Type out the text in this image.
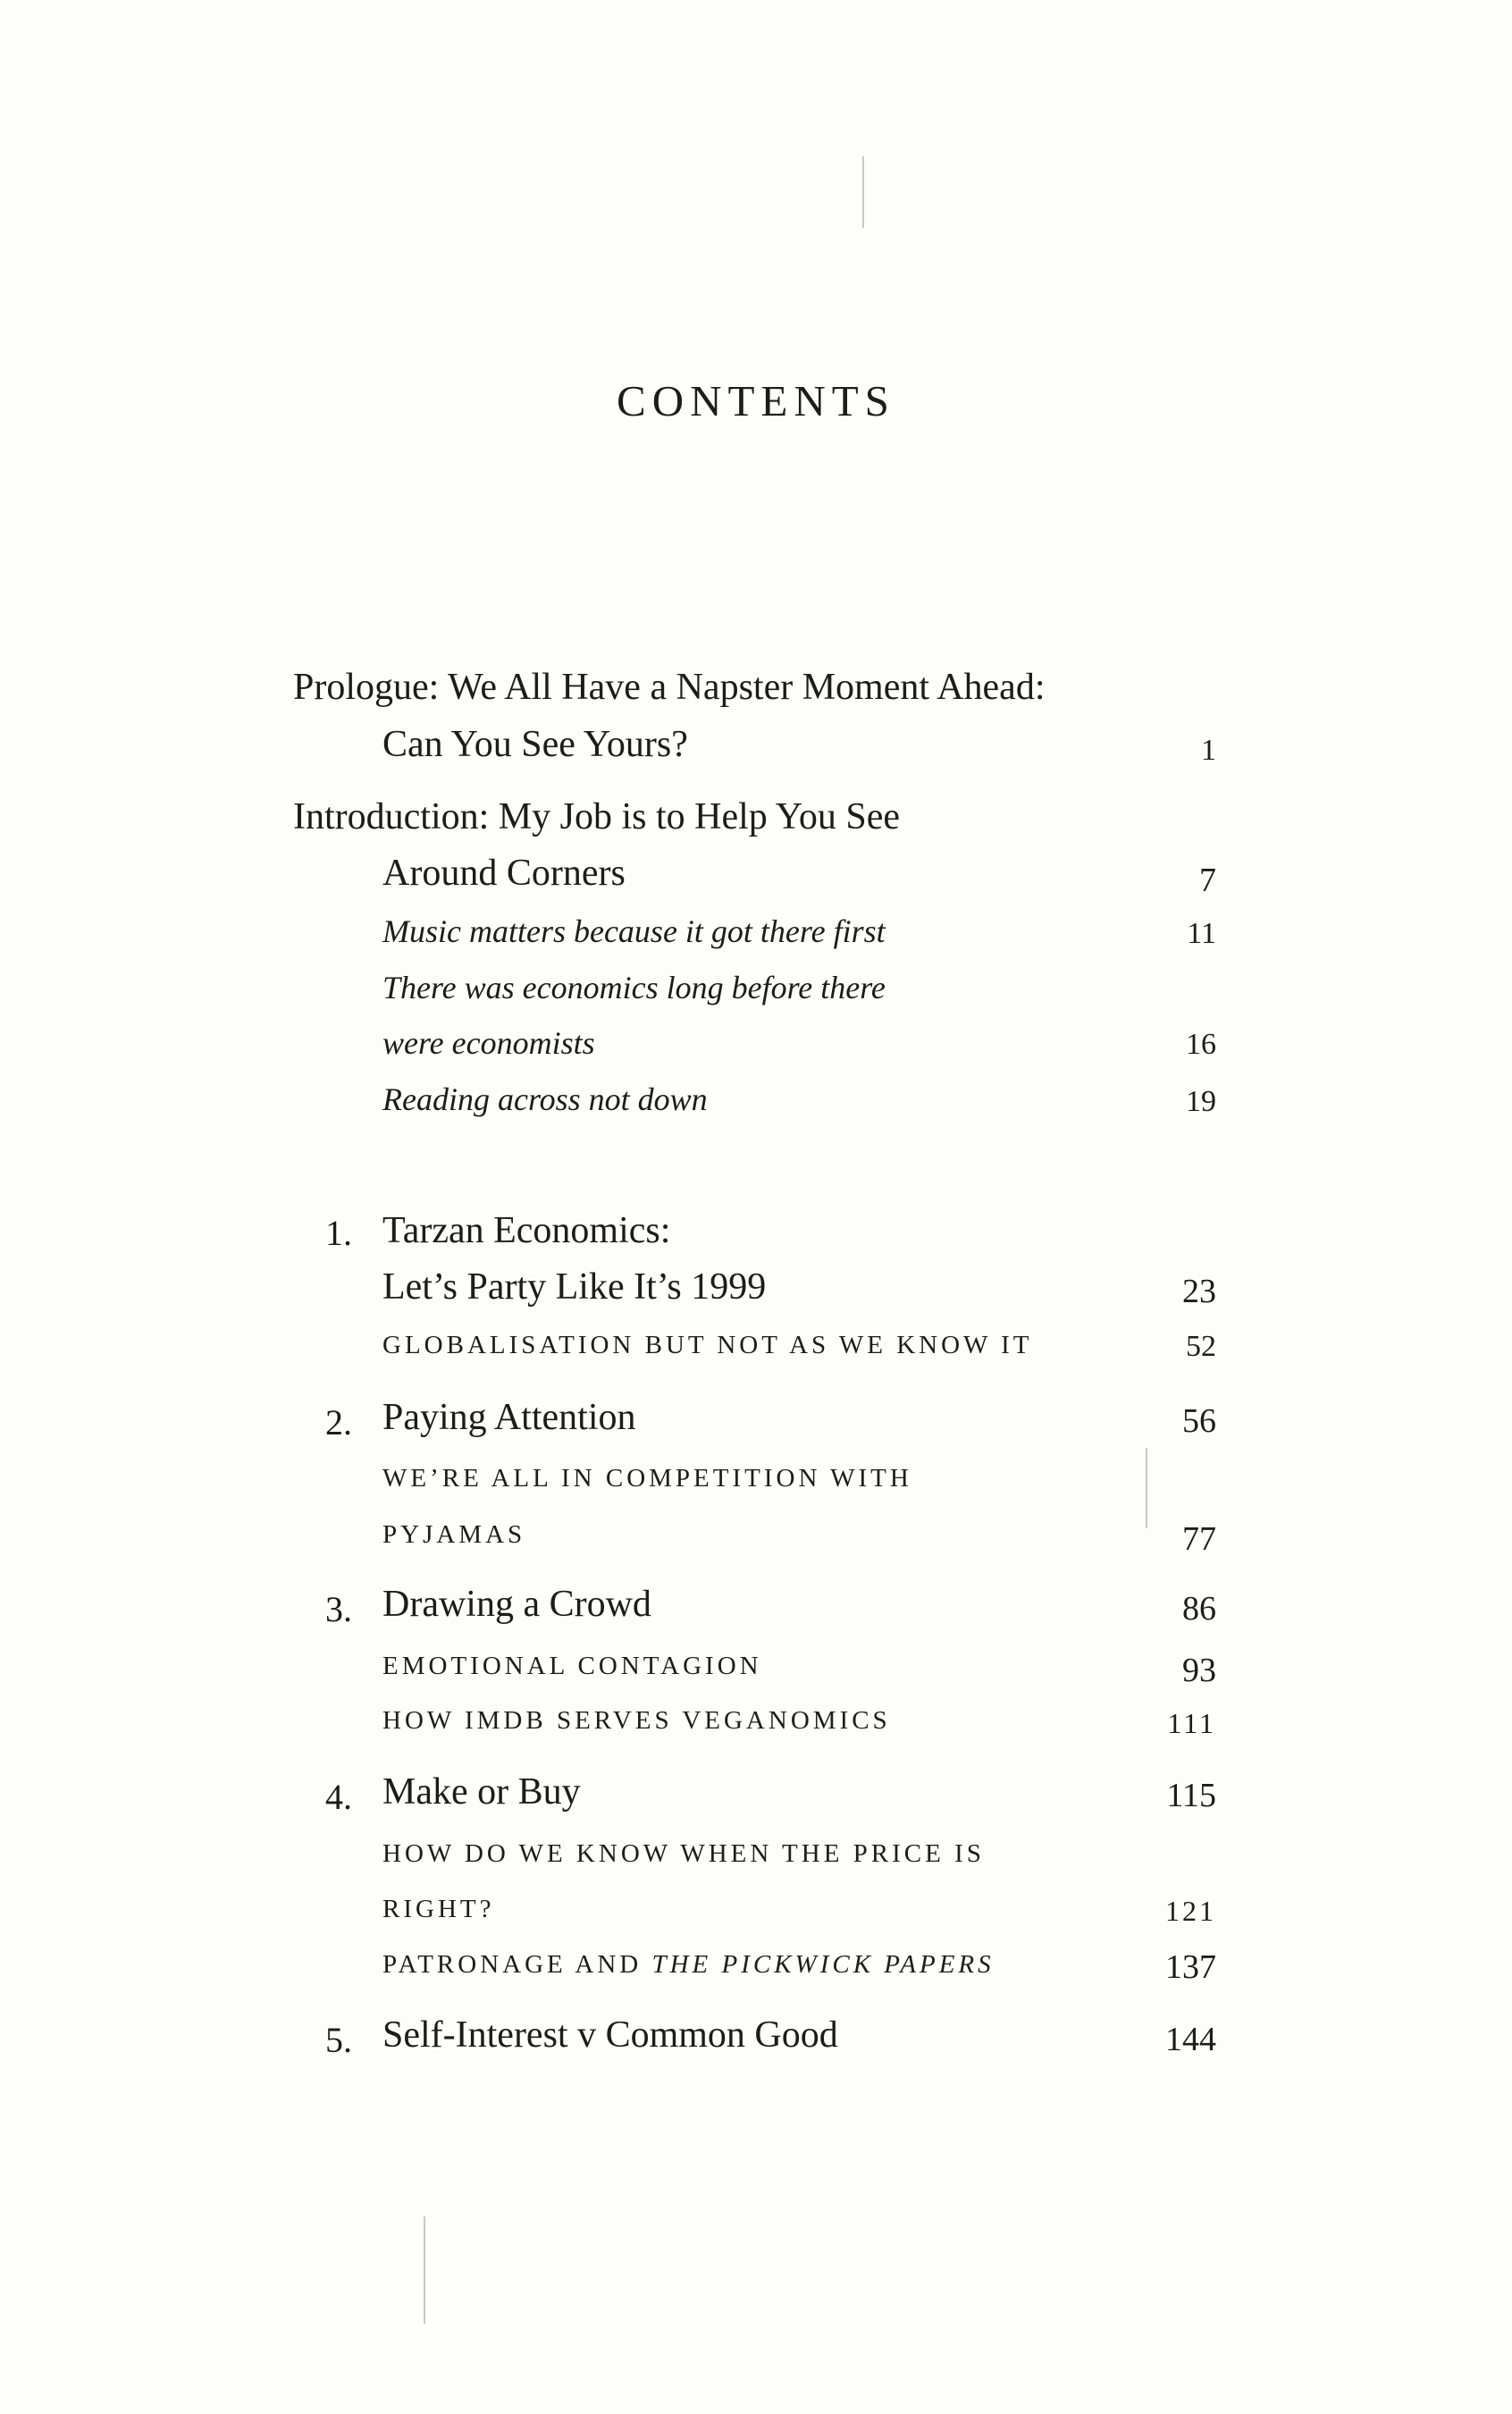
CONTENTS
Prologue: We All Have a Napster Moment Ahead:
Can You See Yours?	1
Introduction: My Job is to Help You See
Around Corners	7
Music matters because it got there first	11
There was economics long before there
were economists	16
Reading across not down	19
1. Tarzan Economics:
Let’s Party Like It’s 1999	23
GLOBALISATION BUT NOT AS WE KNOW IT	52
2. Paying Attention	56
WE’RE ALL IN COMPETITION WITH
PYJAMAS	77
3. Drawing a Crowd	86
EMOTIONAL CONTAGION	93
HOW IMDB SERVES VEGANOMICS	111
4. Make or Buy	115
HOW DO WE KNOW WHEN THE PRICE IS
RIGHT?	121
PATRONAGE AND THE PICKWICK PAPERS	137
5. Self-Interest v Common Good	144
